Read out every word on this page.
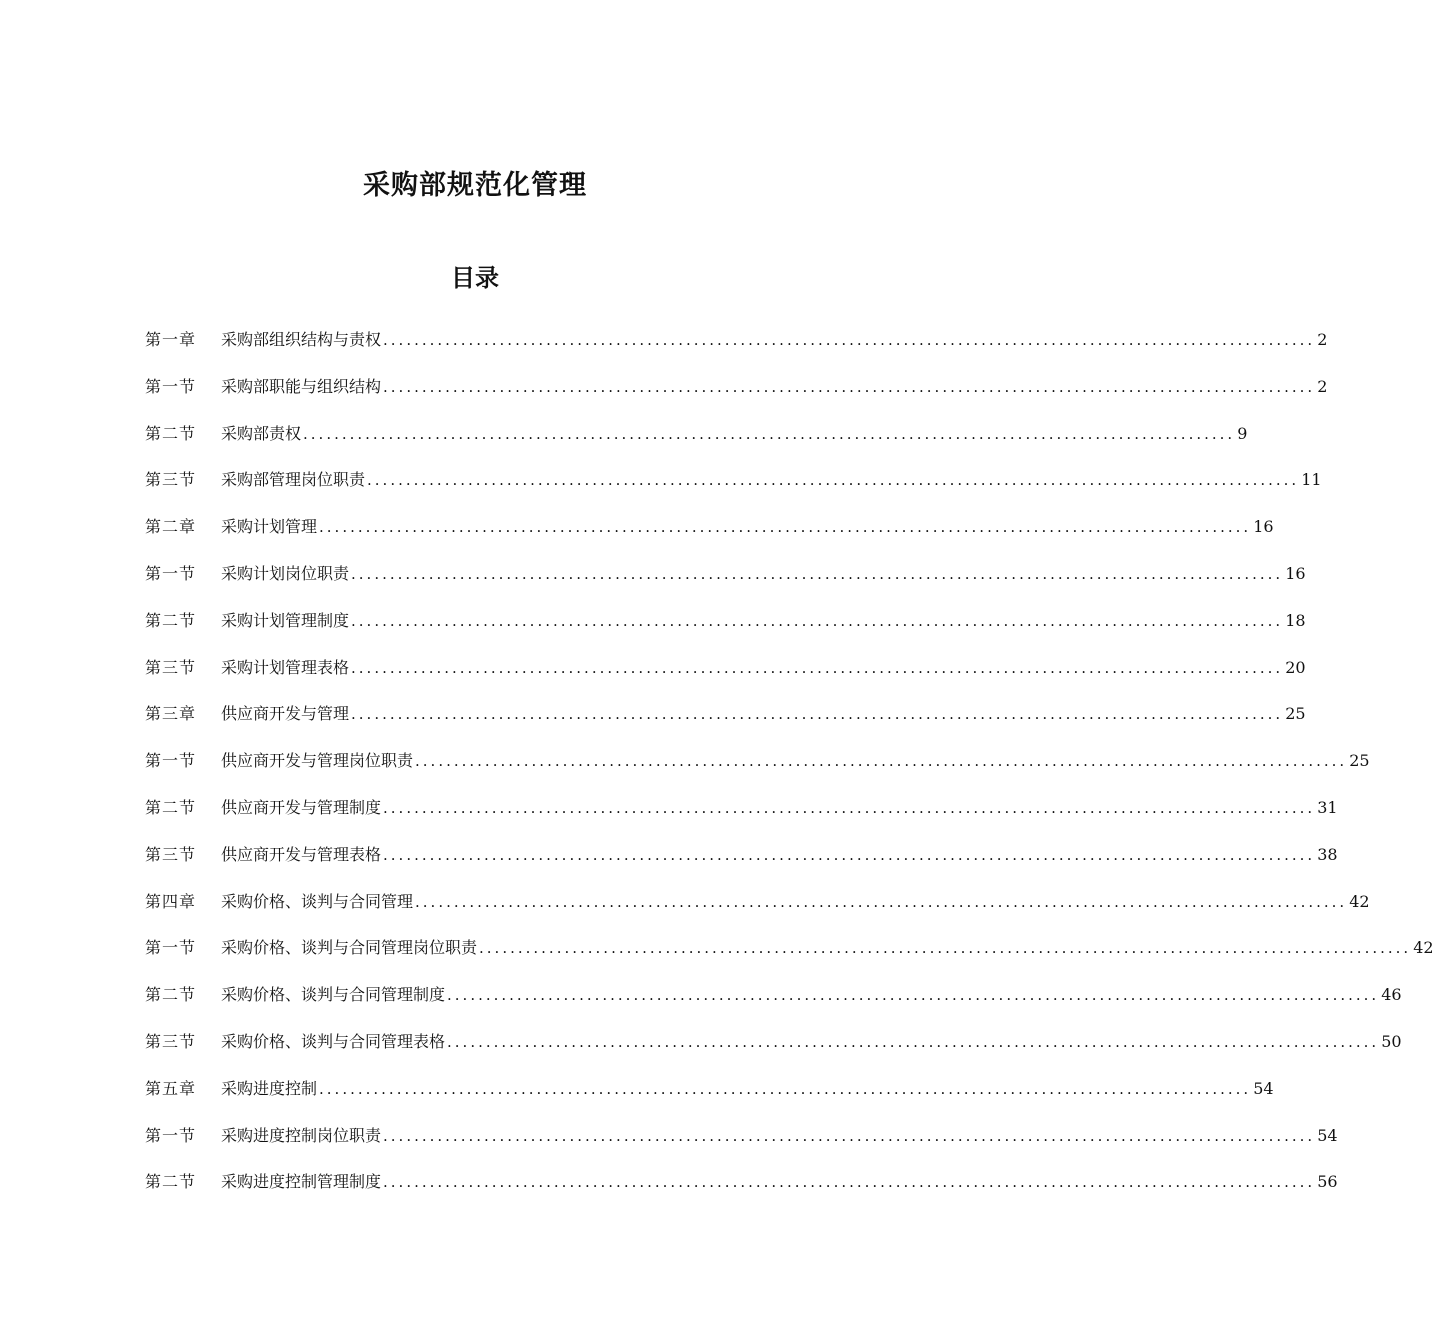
采购部规范化管理
目录
第一章	采购部组织结构与责权 ........................................................................................................................ 2
第一节	采购部职能与组织结构 ........................................................................................................................ 2
第二节	采购部责权 ........................................................................................................................ 9
第三节	采购部管理岗位职责 ........................................................................................................................ 11
第二章	采购计划管理 ........................................................................................................................ 16
第一节	采购计划岗位职责 ........................................................................................................................ 16
第二节	采购计划管理制度 ........................................................................................................................ 18
第三节	采购计划管理表格 ........................................................................................................................ 20
第三章	供应商开发与管理 ........................................................................................................................ 25
第一节	供应商开发与管理岗位职责 ........................................................................................................................ 25
第二节	供应商开发与管理制度 ........................................................................................................................ 31
第三节	供应商开发与管理表格 ........................................................................................................................ 38
第四章	采购价格、谈判与合同管理 ........................................................................................................................ 42
第一节	采购价格、谈判与合同管理岗位职责 ........................................................................................................................ 42
第二节	采购价格、谈判与合同管理制度 ........................................................................................................................ 46
第三节	采购价格、谈判与合同管理表格 ........................................................................................................................ 50
第五章	采购进度控制 ........................................................................................................................ 54
第一节	采购进度控制岗位职责 ........................................................................................................................ 54
第二节	采购进度控制管理制度 ........................................................................................................................ 56
